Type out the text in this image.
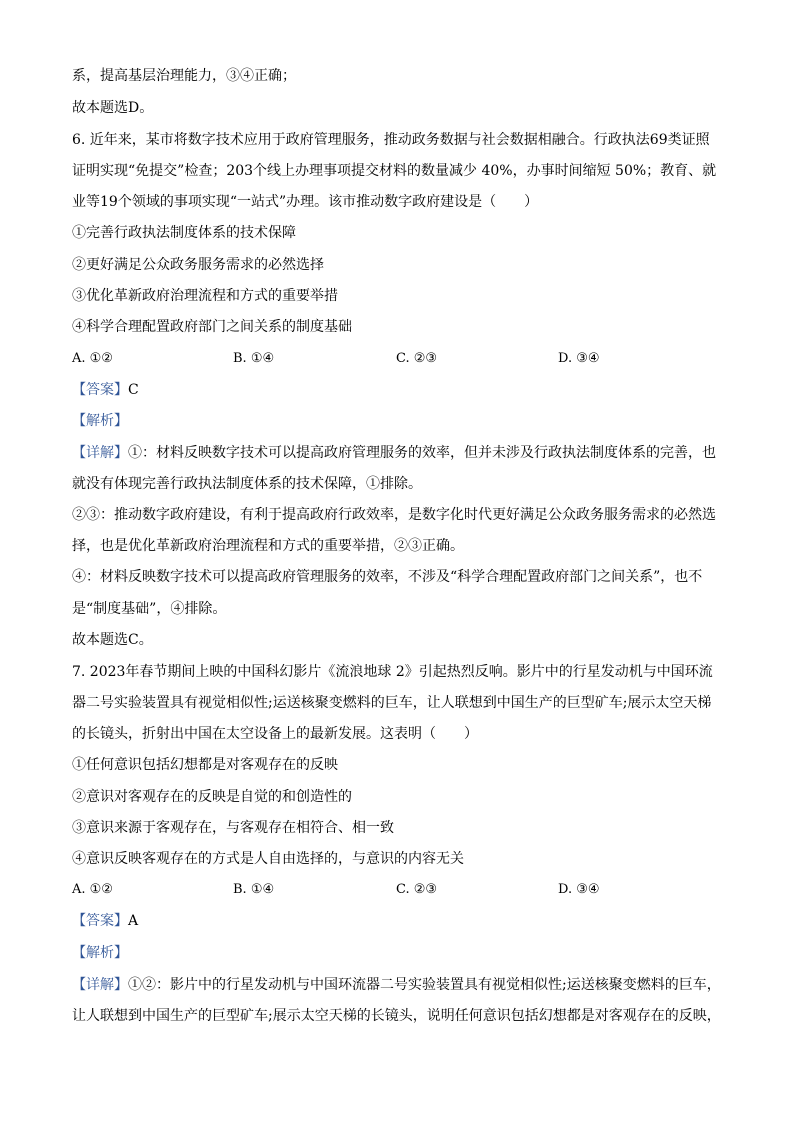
系，提高基层治理能力，③④正确；
故本题选D。
6. 近年来，某市将数字技术应用于政府管理服务，推动政务数据与社会数据相融合。行政执法69类证照
证明实现“免提交”检查；203个线上办理事项提交材料的数量减少 40%，办事时间缩短 50%；教育、就
业等19个领域的事项实现“一站式”办理。该市推动数字政府建设是（　　）
①完善行政执法制度体系的技术保障
②更好满足公众政务服务需求的必然选择
③优化革新政府治理流程和方式的重要举措
④科学合理配置政府部门之间关系的制度基础
A. ①②	B. ①④	C. ②③	D. ③④
【答案】C
【解析】
【详解】①：材料反映数字技术可以提高政府管理服务的效率，但并未涉及行政执法制度体系的完善，也
就没有体现完善行政执法制度体系的技术保障，①排除。
②③：推动数字政府建设，有利于提高政府行政效率，是数字化时代更好满足公众政务服务需求的必然选
择，也是优化革新政府治理流程和方式的重要举措，②③正确。
④：材料反映数字技术可以提高政府管理服务的效率，不涉及“科学合理配置政府部门之间关系”，也不
是“制度基础”，④排除。
故本题选C。
7. 2023年春节期间上映的中国科幻影片《流浪地球 2》引起热烈反响。影片中的行星发动机与中国环流
器二号实验装置具有视觉相似性;运送核聚变燃料的巨车，让人联想到中国生产的巨型矿车;展示太空天梯
的长镜头，折射出中国在太空设备上的最新发展。这表明（　　）
①任何意识包括幻想都是对客观存在的反映
②意识对客观存在的反映是自觉的和创造性的
③意识来源于客观存在，与客观存在相符合、相一致
④意识反映客观存在的方式是人自由选择的，与意识的内容无关
A. ①②	B. ①④	C. ②③	D. ③④
【答案】A
【解析】
【详解】①②：影片中的行星发动机与中国环流器二号实验装置具有视觉相似性;运送核聚变燃料的巨车，
让人联想到中国生产的巨型矿车;展示太空天梯的长镜头，说明任何意识包括幻想都是对客观存在的反映，
